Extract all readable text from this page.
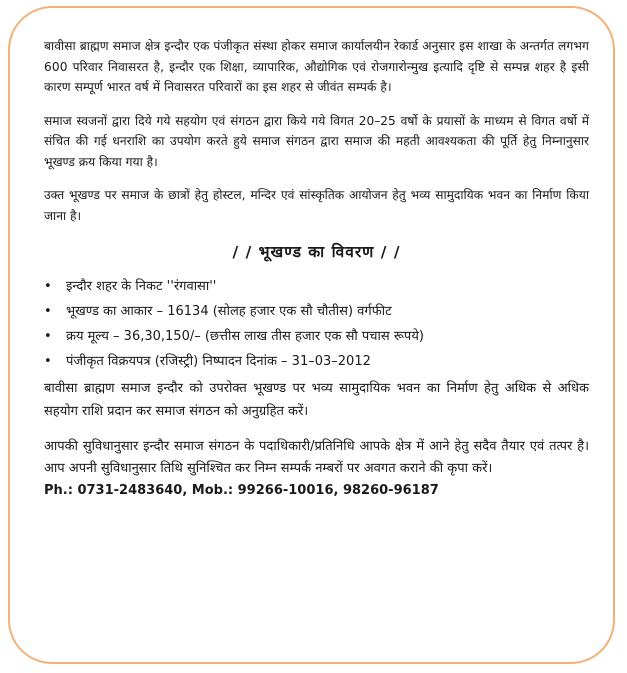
बावीसा ब्राह्मण समाज क्षेत्र इन्दौर एक पंजीकृत संस्था होकर समाज कार्यालयीन रेकार्ड अनुसार इस शाखा के अन्तर्गत लगभग 600 परिवार निवासरत है, इन्दौर एक शिक्षा, व्यापारिक, औद्योगिक एवं रोजगारोन्मुख इत्यादि दृष्टि से सम्पन्न शहर है इसी कारण सम्पूर्ण भारत वर्ष में निवासरत परिवारों का इस शहर से जीवंत सम्पर्क है।

समाज स्वजनों द्वारा दिये गये सहयोग एवं संगठन द्वारा किये गये विगत 20–25 वर्षो के प्रयासों के माध्यम से विगत वर्षो में संचित की गई धनराशि का उपयोग करते हुये समाज संगठन द्वारा समाज की महती आवश्यकता की पूर्ति हेतु निम्नानुसार भूखण्ड क्रय किया गया है।

उक्त भूखण्ड पर समाज के छात्रों हेतु होस्टल, मन्दिर एवं सांस्कृतिक आयोजन हेतु भव्य सामुदायिक भवन का निर्माण किया जाना है।

/ / भूखण्ड का विवरण / /
• इन्दौर शहर के निकट ''रंगवासा''
• भूखण्ड का आकार – 16134 (सोलह हजार एक सौ चौतीस) वर्गफीट
• क्रय मूल्य – 36,30,150/– (छत्तीस लाख तीस हजार एक सौ पचास रूपये)
• पंजीकृत विक्रयपत्र (रजिस्ट्री) निष्पादन दिनांक – 31–03–2012

बावीसा ब्राह्मण समाज इन्दौर को उपरोक्त भूखण्ड पर भव्य सामुदायिक भवन का निर्माण हेतु अधिक से अधिक सहयोग राशि प्रदान कर समाज संगठन को अनुग्रहित करें।

आपकी सुविधानुसार इन्दौर समाज संगठन के पदाधिकारी/प्रतिनिधि आपके क्षेत्र में आने हेतु सदैव तैयार एवं तत्पर है। आप अपनी सुविधानुसार तिथि सुनिश्चित कर निम्न सम्पर्क नम्बरों पर अवगत कराने की कृपा करें।

Ph.: 0731-2483640, Mob.: 99266-10016, 98260-96187
